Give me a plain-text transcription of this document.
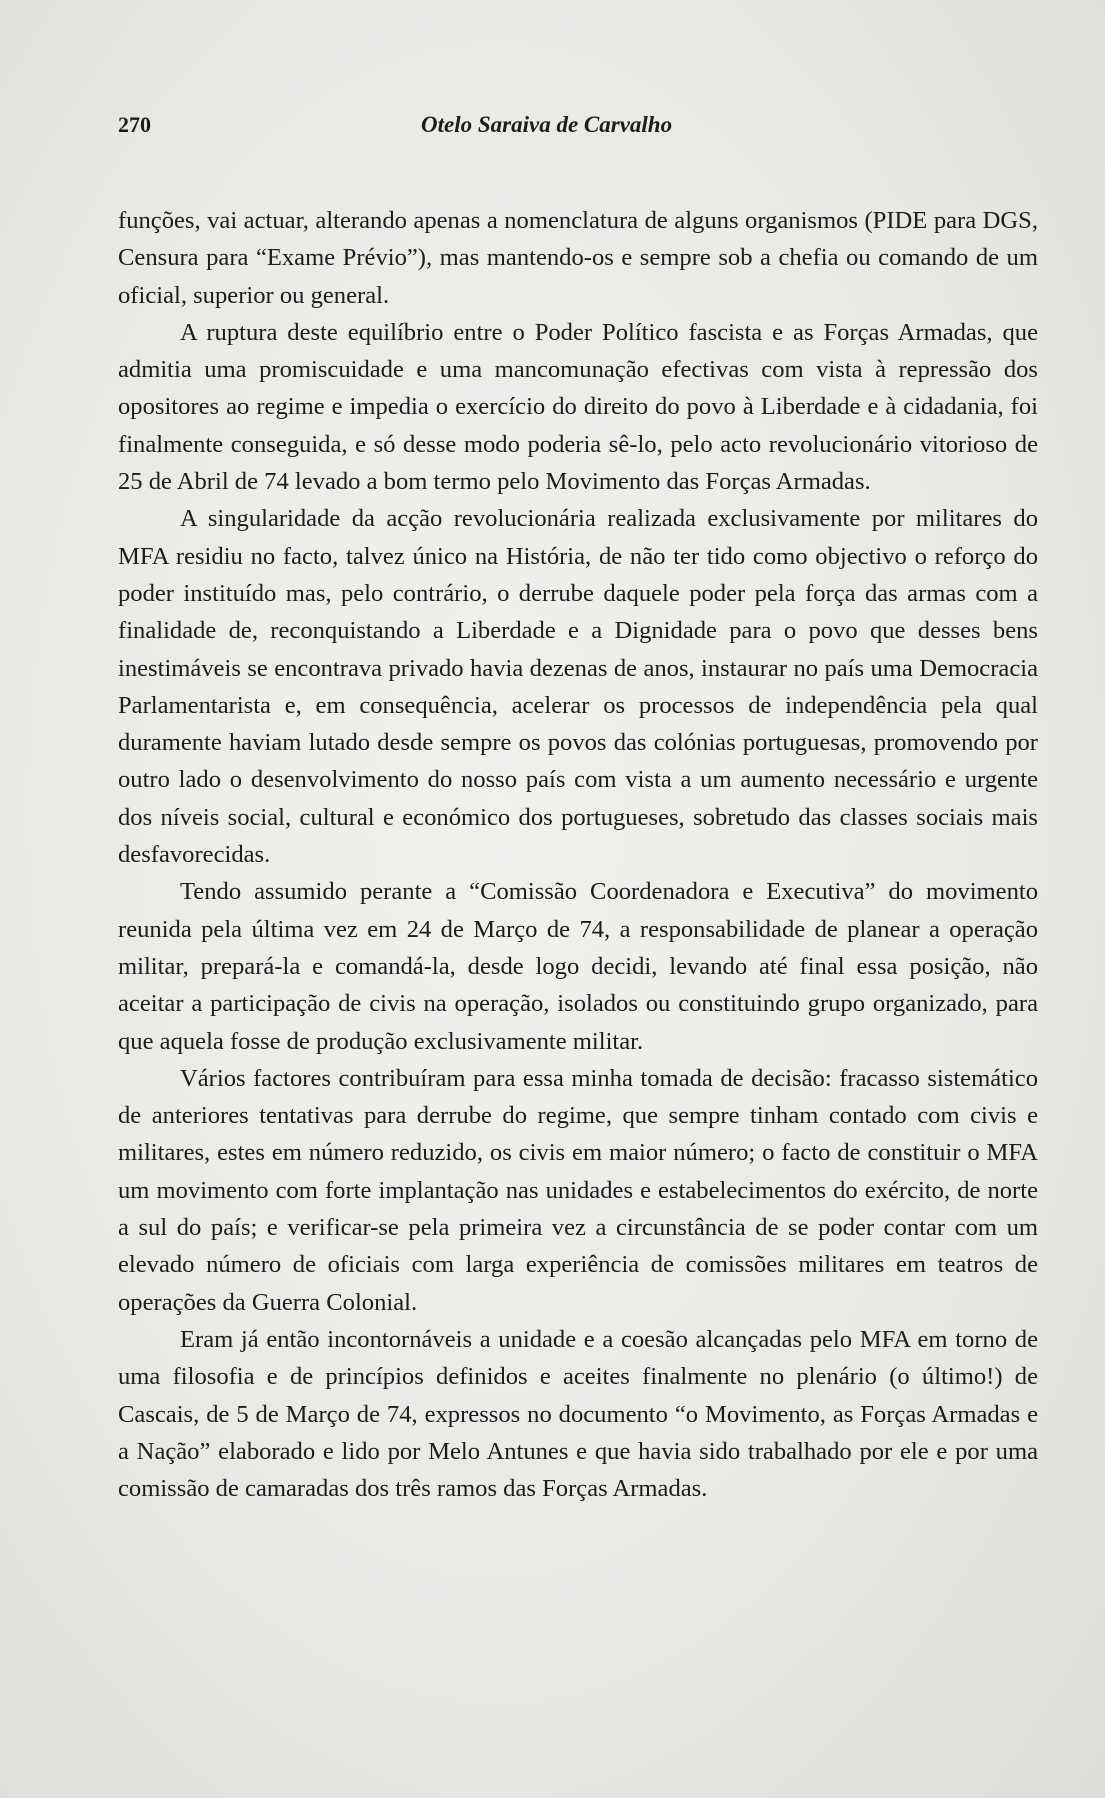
270	Otelo Saraiva de Carvalho

funções, vai actuar, alterando apenas a nomenclatura de alguns organismos (PIDE para DGS, Censura para “Exame Prévio”), mas mantendo-os e sempre sob a chefia ou comando de um oficial, superior ou general.

A ruptura deste equilíbrio entre o Poder Político fascista e as Forças Armadas, que admitia uma promiscuidade e uma mancomunação efectivas com vista à repressão dos opositores ao regime e impedia o exercício do direito do povo à Liberdade e à cidadania, foi finalmente conseguida, e só desse modo poderia sê-lo, pelo acto revolucionário vitorioso de 25 de Abril de 74 levado a bom termo pelo Movimento das Forças Armadas.

A singularidade da acção revolucionária realizada exclusivamente por militares do MFA residiu no facto, talvez único na História, de não ter tido como objectivo o reforço do poder instituído mas, pelo contrário, o derrube daquele poder pela força das armas com a finalidade de, reconquistando a Liberdade e a Dignidade para o povo que desses bens inestimáveis se encontrava privado havia dezenas de anos, instaurar no país uma Democracia Parlamentarista e, em consequência, acelerar os processos de independência pela qual duramente haviam lutado desde sempre os povos das colónias portuguesas, promovendo por outro lado o desenvolvimento do nosso país com vista a um aumento necessário e urgente dos níveis social, cultural e económico dos portugueses, sobretudo das classes sociais mais desfavorecidas.

Tendo assumido perante a “Comissão Coordenadora e Executiva” do movimento reunida pela última vez em 24 de Março de 74, a responsabilidade de planear a operação militar, prepará-la e comandá-la, desde logo decidi, levando até final essa posição, não aceitar a participação de civis na operação, isolados ou constituindo grupo organizado, para que aquela fosse de produção exclusivamente militar.

Vários factores contribuíram para essa minha tomada de decisão: fracasso sistemático de anteriores tentativas para derrube do regime, que sempre tinham contado com civis e militares, estes em número reduzido, os civis em maior número; o facto de constituir o MFA um movimento com forte implantação nas unidades e estabelecimentos do exército, de norte a sul do país; e verificar-se pela primeira vez a circunstância de se poder contar com um elevado número de oficiais com larga experiência de comissões militares em teatros de operações da Guerra Colonial.

Eram já então incontornáveis a unidade e a coesão alcançadas pelo MFA em torno de uma filosofia e de princípios definidos e aceites finalmente no plenário (o último!) de Cascais, de 5 de Março de 74, expressos no documento “o Movimento, as Forças Armadas e a Nação” elaborado e lido por Melo Antunes e que havia sido trabalhado por ele e por uma comissão de camaradas dos três ramos das Forças Armadas.
